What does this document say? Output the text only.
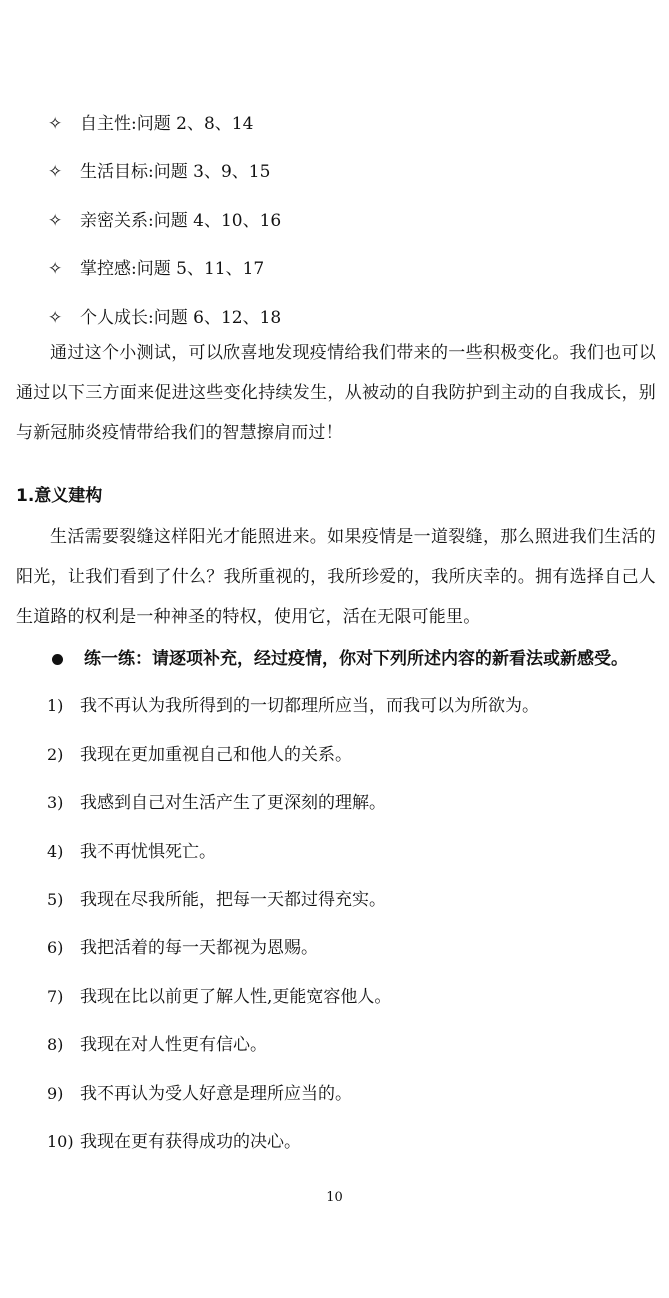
✧ 自主性:问题 2、8、14
✧ 生活目标:问题 3、9、15
✧ 亲密关系:问题 4、10、16
✧ 掌控感:问题 5、11、17
✧ 个人成长:问题 6、12、18

通过这个小测试，可以欣喜地发现疫情给我们带来的一些积极变化。我们也可以通过以下三方面来促进这些变化持续发生，从被动的自我防护到主动的自我成长，别与新冠肺炎疫情带给我们的智慧擦肩而过！

1.意义建构

生活需要裂缝这样阳光才能照进来。如果疫情是一道裂缝，那么照进我们生活的阳光，让我们看到了什么？我所重视的，我所珍爱的，我所庆幸的。拥有选择自己人生道路的权利是一种神圣的特权，使用它，活在无限可能里。

练一练：请逐项补充，经过疫情，你对下列所述内容的新看法或新感受。
1) 我不再认为我所得到的一切都理所应当，而我可以为所欲为。
2) 我现在更加重视自己和他人的关系。
3) 我感到自己对生活产生了更深刻的理解。
4) 我不再忧惧死亡。
5) 我现在尽我所能，把每一天都过得充实。
6) 我把活着的每一天都视为恩赐。
7) 我现在比以前更了解人性,更能宽容他人。
8) 我现在对人性更有信心。
9) 我不再认为受人好意是理所应当的。
10) 我现在更有获得成功的决心。
10
